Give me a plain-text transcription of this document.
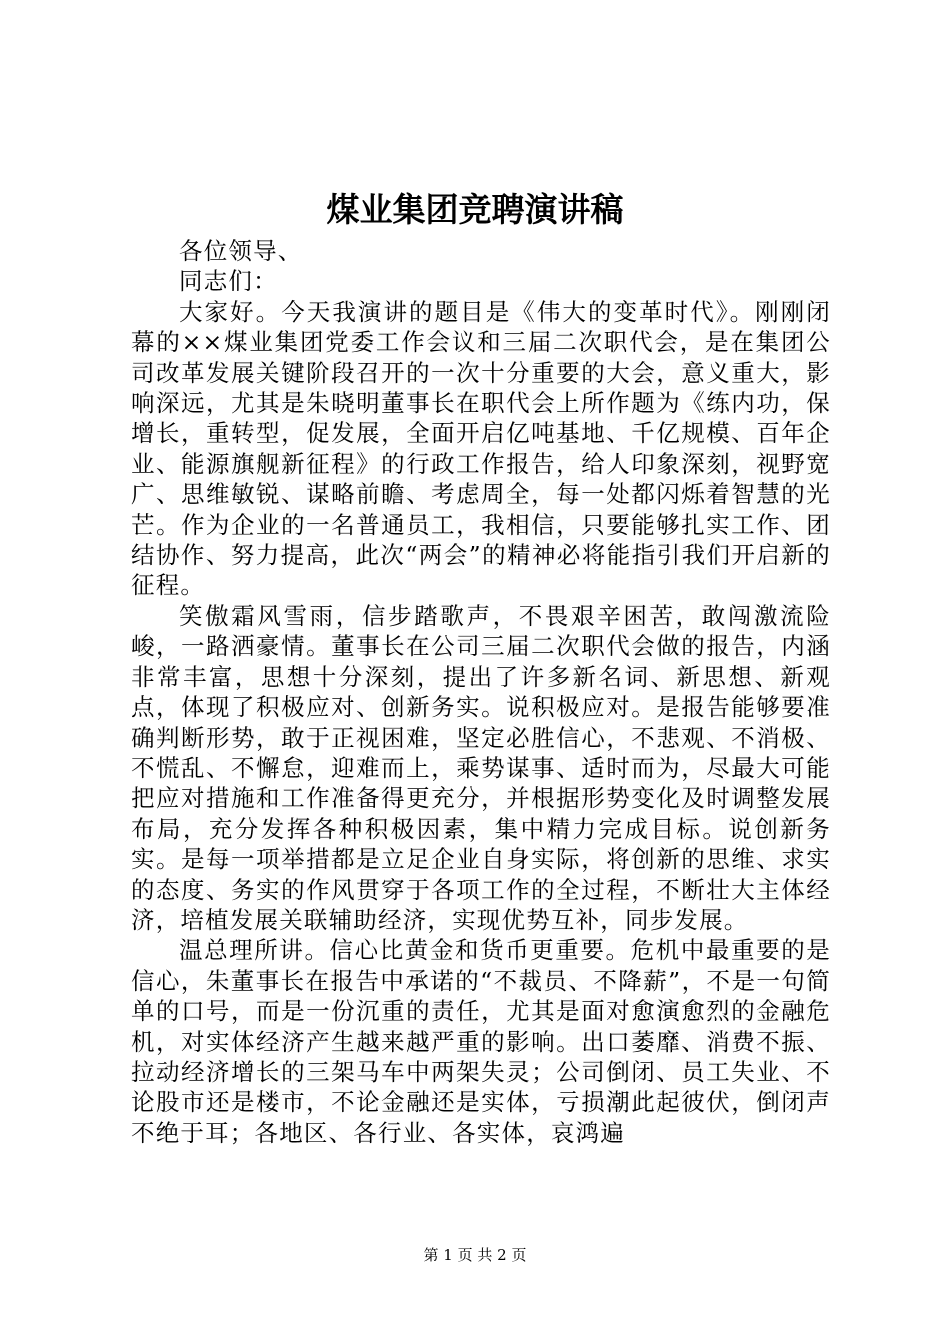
煤业集团竞聘演讲稿

各位领导、

同志们：

大家好。今天我演讲的题目是《伟大的变革时代》。刚刚闭幕的××煤业集团党委工作会议和三届二次职代会，是在集团公司改革发展关键阶段召开的一次十分重要的大会，意义重大，影响深远，尤其是朱晓明董事长在职代会上所作题为《练内功，保增长，重转型，促发展，全面开启亿吨基地、千亿规模、百年企业、能源旗舰新征程》的行政工作报告，给人印象深刻，视野宽广、思维敏锐、谋略前瞻、考虑周全，每一处都闪烁着智慧的光芒。作为企业的一名普通员工，我相信，只要能够扎实工作、团结协作、努力提高，此次“两会”的精神必将能指引我们开启新的征程。

笑傲霜风雪雨，信步踏歌声，不畏艰辛困苦，敢闯激流险峻，一路洒豪情。董事长在公司三届二次职代会做的报告，内涵非常丰富，思想十分深刻，提出了许多新名词、新思想、新观点，体现了积极应对、创新务实。说积极应对。是报告能够要准确判断形势，敢于正视困难，坚定必胜信心，不悲观、不消极、不慌乱、不懈怠，迎难而上，乘势谋事、适时而为，尽最大可能把应对措施和工作准备得更充分，并根据形势变化及时调整发展布局，充分发挥各种积极因素，集中精力完成目标。说创新务实。是每一项举措都是立足企业自身实际，将创新的思维、求实的态度、务实的作风贯穿于各项工作的全过程，不断壮大主体经济，培植发展关联辅助经济，实现优势互补，同步发展。

温总理所讲。信心比黄金和货币更重要。危机中最重要的是信心，朱董事长在报告中承诺的“不裁员、不降薪”，不是一句简单的口号，而是一份沉重的责任，尤其是面对愈演愈烈的金融危机，对实体经济产生越来越严重的影响。出口萎靡、消费不振、拉动经济增长的三架马车中两架失灵；公司倒闭、员工失业、不论股市还是楼市，不论金融还是实体，亏损潮此起彼伏，倒闭声不绝于耳；各地区、各行业、各实体，哀鸿遍

第 1 页 共 2 页
